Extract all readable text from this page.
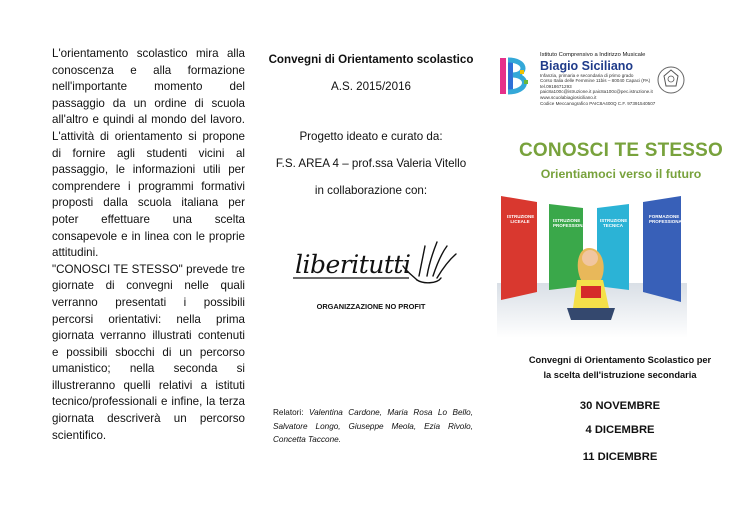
L'orientamento scolastico mira alla conoscenza e alla formazione nell'importante momento del passaggio da un ordine di scuola all'altro e quindi al mondo del lavoro. L'attività di orientamento si propone di fornire agli studenti vicini al passaggio, le informazioni utili per comprendere i programmi formativi proposti dalla scuola italiana per poter effettuare una scelta consapevole e in linea con le proprie attitudini.

"CONOSCI TE STESSO" prevede tre giornate di convegni nelle quali verranno presentati i possibili percorsi orientativi: nella prima giornata verranno illustrati contenuti e possibili sbocchi di un percorso umanistico; nella seconda si illustreranno quelli relativi a istituti tecnico/professionali e infine, la terza giornata descriverà un percorso scientifico.

Convegni di Orientamento scolastico
A.S. 2015/2016
Progetto ideato e curato da:
F.S. AREA 4 – prof.ssa Valeria Vitello
in collaborazione con:
liberitutti
ORGANIZZAZIONE NO PROFIT
Relatori: Valentina Cardone, Maria Rosa Lo Bello, Salvatore Longo, Giuseppe Meola, Ezia Rivolo, Concetta Taccone.
Istituto Comprensivo a Indirizzo Musicale
Biagio Siciliano
Infanzia, primaria e secondaria di primo grado
Corso Italia delle Femmine 11bis – 80040 Capaci (PA) tel.0918671293
paic8a100c@istruzione.it paic8a100c@pec.istruzione.it www.scuolabiagiosiciliano.it
Codice Meccanografico PAIC8A400Q C.F. 97391540507
CONOSCI TE STESSO
Orientiamoci verso il futuro
ISTRUZIONE LICEALE	ISTRUZIONE PROFESSIONALE
ISTRUZIONE TECNICA
FORMAZIONE PROFESSIONALE
Convegni di Orientamento Scolastico per
la scelta dell'istruzione secondaria
30 NOVEMBRE
4 DICEMBRE
11 DICEMBRE
